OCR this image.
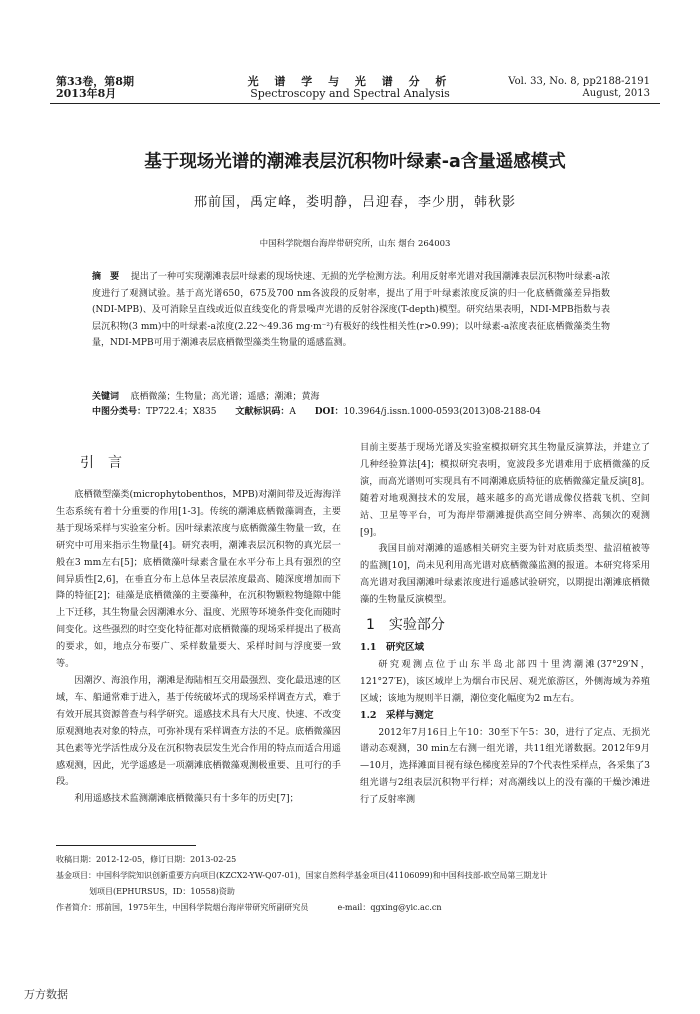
第33卷，第8期
2013年8月
光 谱 学 与 光 谱 分 析
Spectroscopy and Spectral Analysis
Vol. 33, No. 8, pp2188-2191
August, 2013
基于现场光谱的潮滩表层沉积物叶绿素-a含量遥感模式
邢前国，禹定峰，娄明静，吕迎春，李少朋，韩秋影
中国科学院烟台海岸带研究所，山东 烟台 264003
摘　要 提出了一种可实现潮滩表层叶绿素的现场快速、无损的光学检测方法。利用反射率光谱对我国潮滩表层沉积物叶绿素-a浓度进行了观测试验。基于高光谱650，675及700 nm各波段的反射率，提出了用于叶绿素浓度反演的归一化底栖微藻差异指数(NDI-MPB)、及可消除呈直线或近似直线变化的背景噪声光谱的反射谷深度(T-depth)模型。研究结果表明，NDI-MPB指数与表层沉积物(3 mm)中的叶绿素-a浓度(2.22～49.36 mg·m⁻²)有极好的线性相关性(r>0.99)；以叶绿素-a浓度表征底栖微藻类生物量，NDI-MPB可用于潮滩表层底栖微型藻类生物量的遥感监测。
关键词 底栖微藻；生物量；高光谱；遥感；潮滩；黄海
中图分类号：TP722.4；X835 文献标识码：A DOI：10.3964/j.issn.1000-0593(2013)08-2188-04
引　言

底栖微型藻类(microphytobenthos，MPB)对潮间带及近海海洋生态系统有着十分重要的作用[1-3]。传统的潮滩底栖微藻调查，主要基于现场采样与实验室分析。因叶绿素浓度与底栖微藻生物量一致，在研究中可用来指示生物量[4]。研究表明，潮滩表层沉积物的真光层一般在3 mm左右[5]；底栖微藻叶绿素含量在水平分布上具有强烈的空间异质性[2,6]，在垂直分布上总体呈表层浓度最高、随深度增加而下降的特征[2]；硅藻是底栖微藻的主要藻种，在沉积物颗粒物缝隙中能上下迁移，其生物量会因潮滩水分、温度、光照等环境条件变化而随时间变化。这些强烈的时空变化特征都对底栖微藻的现场采样提出了极高的要求，如，地点分布要广、采样数量要大、采样时间与浮度要一致等。

因潮汐、海浪作用，潮滩是海陆相互交用最强烈、变化最迅速的区域，车、船通常难于进入，基于传统破坏式的现场采样调查方式，难于有效开展其资源普查与科学研究。遥感技术具有大尺度、快速、不改变原观测地表对象的特点，可弥补现有采样调查方法的不足。底栖微藻因其色素等光学活性成分及在沉积物表层发生光合作用的特点而适合用遥感观测，因此，光学遥感是一项潮滩底栖微藻观测极重要、且可行的手段。

利用遥感技术监测潮滩底栖微藻只有十多年的历史[7]；

目前主要基于现场光谱及实验室模拟研究其生物量反演算法，并建立了几种经验算法[4]；模拟研究表明，宽波段多光谱难用于底栖微藻的反演，而高光谱则可实现具有不同潮滩底质特征的底栖微藻定量反演[8]。随着对地观测技术的发展，越来越多的高光谱成像仪搭载飞机、空间站、卫星等平台，可为海岸带潮滩提供高空间分辨率、高频次的观测[9]。

我国目前对潮滩的遥感相关研究主要为针对底质类型、盐沼植被等的监测[10]，尚未见利用高光谱对底栖微藻监测的报道。本研究将采用高光谱对我国潮滩叶绿素浓度进行遥感试验研究，以期提出潮滩底栖微藻的生物量反演模型。

1　实验部分
1.1　研究区域

研究观测点位于山东半岛北部四十里湾潮滩(37°29′N，121°27′E)，该区域岸上为烟台市民居、观光旅游区，外侧海域为养殖区域；该地为规则半日潮，潮位变化幅度为2 m左右。

1.2　采样与测定

2012年7月16日上午10：30至下午5：30，进行了定点、无损光谱动态观测，30 min左右测一组光谱，共11组光谱数据。2012年9月—10月，选择滩面目视有绿色梯度差异的7个代表性采样点，各采集了3组光谱与2组表层沉积物平行样；对高潮线以上的没有藻的干燥沙滩进行了反射率测

收稿日期：2012-12-05，修订日期：2013-02-25
基金项目：中国科学院知识创新重要方向项目(KZCX2-YW-Q07-01)，国家自然科学基金项目(41106099)和中国科技部-欧空局第三期龙计
划项目(EPHURSUS，ID：10558)资助
作者简介：邢前国，1975年生，中国科学院烟台海岸带研究所副研究员	e-mail：qgxing@yic.ac.cn
万方数据
